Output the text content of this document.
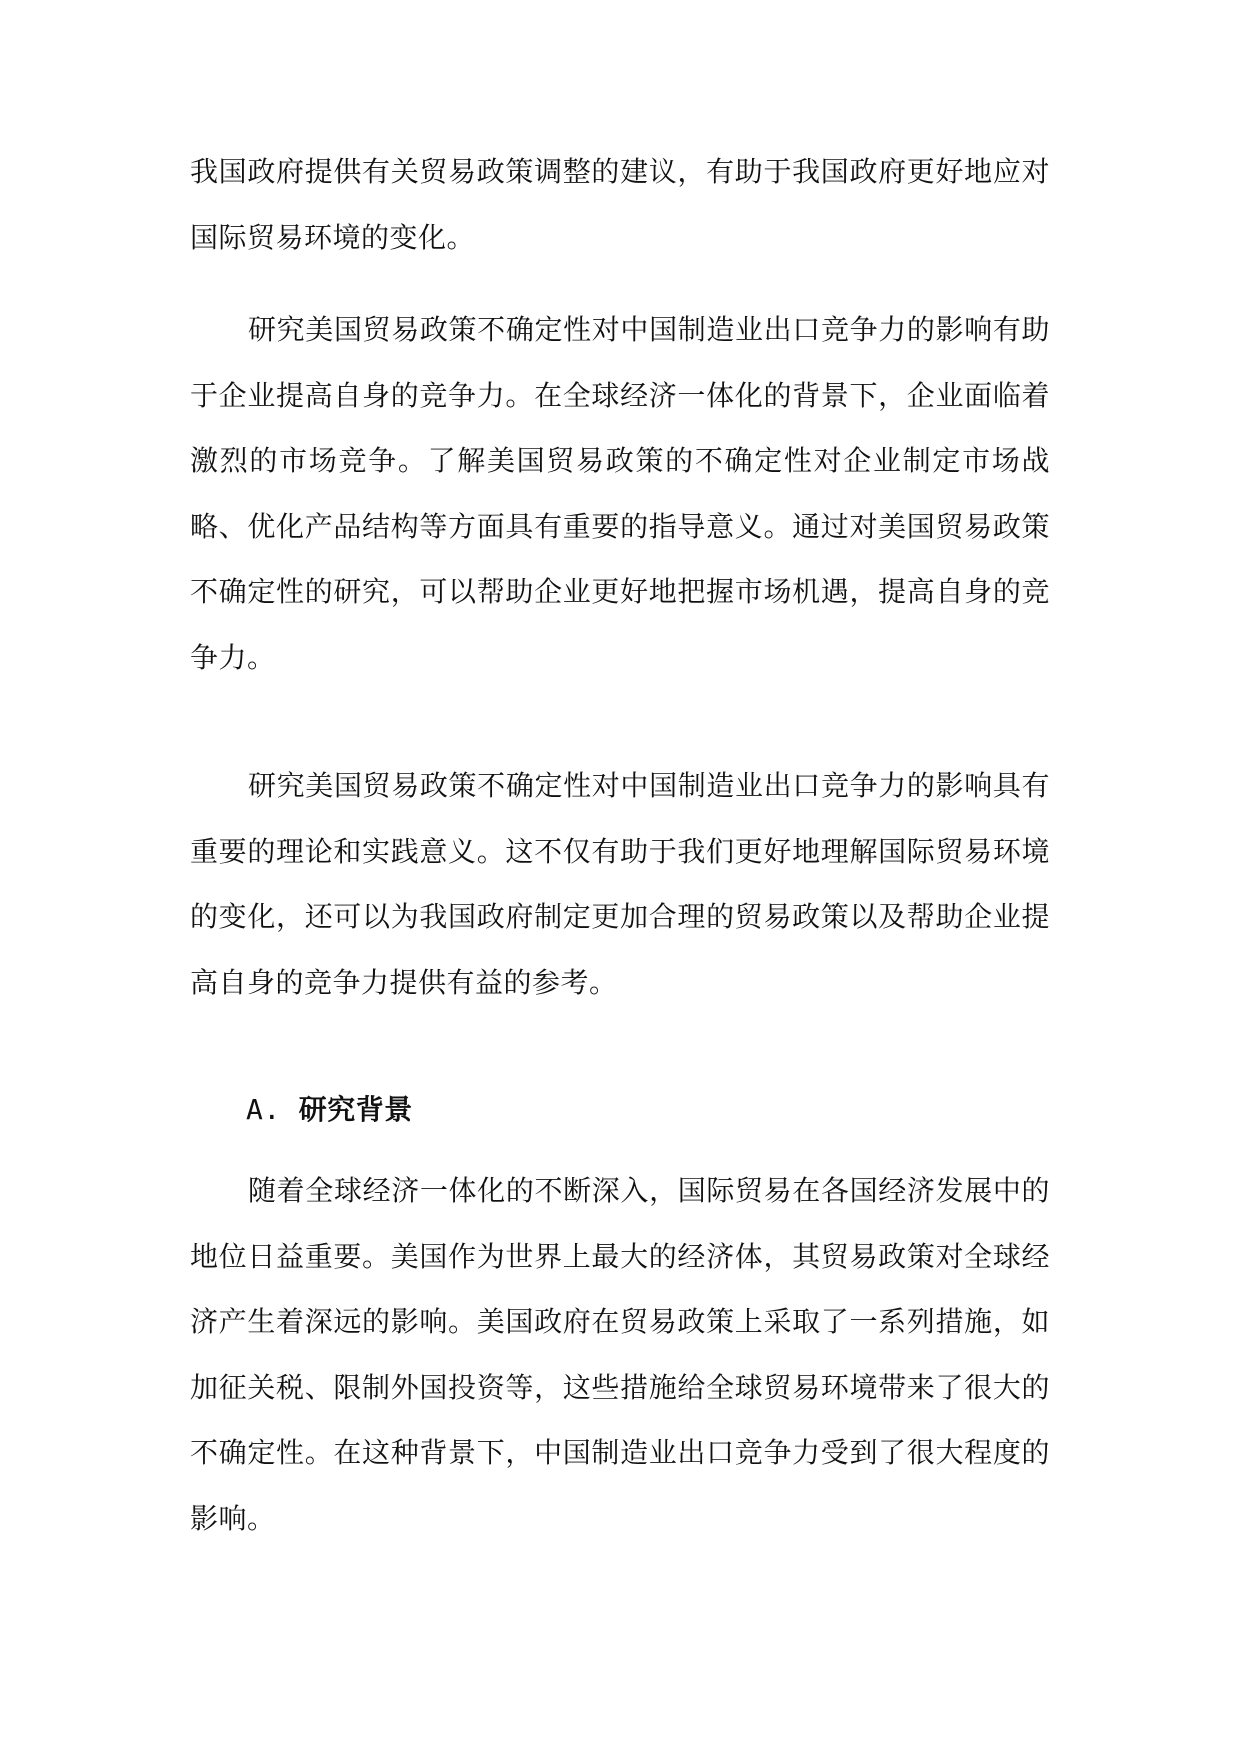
我国政府提供有关贸易政策调整的建议，有助于我国政府更好地应对国际贸易环境的变化。

研究美国贸易政策不确定性对中国制造业出口竞争力的影响有助于企业提高自身的竞争力。在全球经济一体化的背景下，企业面临着激烈的市场竞争。了解美国贸易政策的不确定性对企业制定市场战略、优化产品结构等方面具有重要的指导意义。通过对美国贸易政策不确定性的研究，可以帮助企业更好地把握市场机遇，提高自身的竞争力。

研究美国贸易政策不确定性对中国制造业出口竞争力的影响具有重要的理论和实践意义。这不仅有助于我们更好地理解国际贸易环境的变化，还可以为我国政府制定更加合理的贸易政策以及帮助企业提高自身的竞争力提供有益的参考。

A. 研究背景

随着全球经济一体化的不断深入，国际贸易在各国经济发展中的地位日益重要。美国作为世界上最大的经济体，其贸易政策对全球经济产生着深远的影响。美国政府在贸易政策上采取了一系列措施，如加征关税、限制外国投资等，这些措施给全球贸易环境带来了很大的不确定性。在这种背景下，中国制造业出口竞争力受到了很大程度的影响。
